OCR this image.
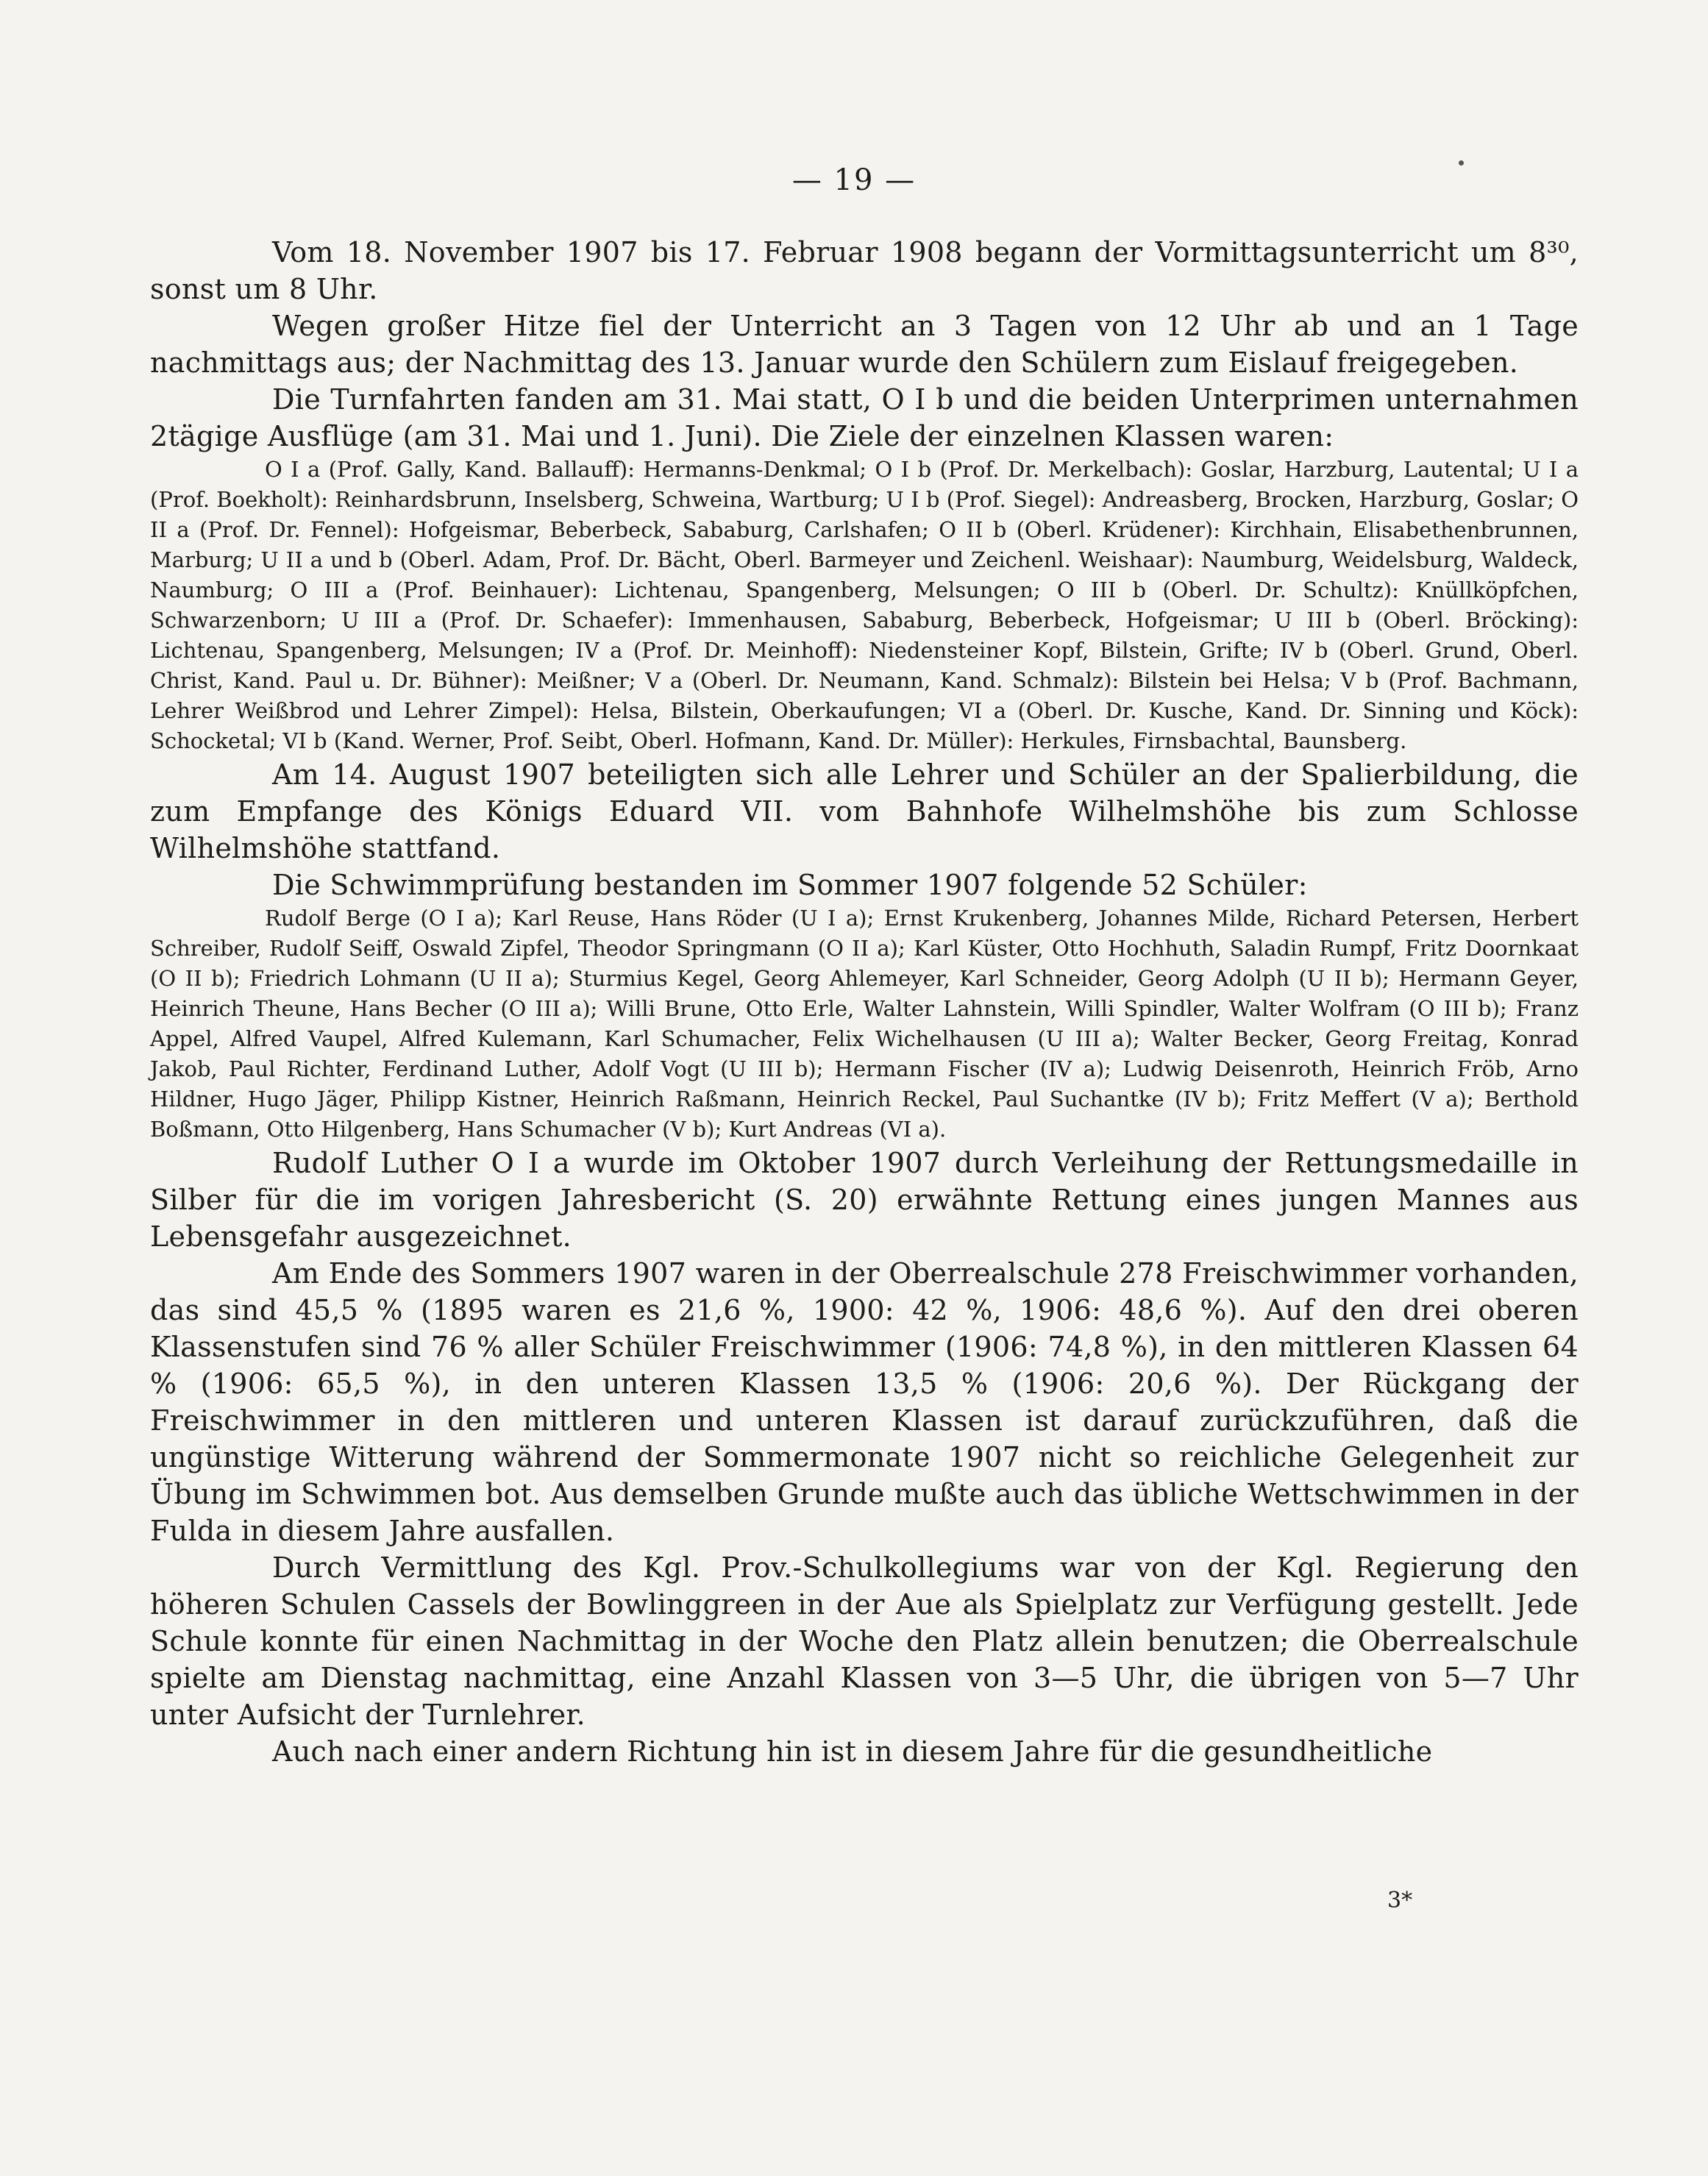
— 19 —

Vom 18. November 1907 bis 17. Februar 1908 begann der Vormittagsunterricht um 8³⁰, sonst um 8 Uhr.

Wegen großer Hitze fiel der Unterricht an 3 Tagen von 12 Uhr ab und an 1 Tage nachmittags aus; der Nachmittag des 13. Januar wurde den Schülern zum Eislauf freigegeben.

Die Turnfahrten fanden am 31. Mai statt, O I b und die beiden Unterprimen unternahmen 2tägige Ausflüge (am 31. Mai und 1. Juni). Die Ziele der einzelnen Klassen waren:

O I a (Prof. Gally, Kand. Ballauff): Hermanns-Denkmal; O I b (Prof. Dr. Merkelbach): Goslar, Harzburg, Lautental; U I a (Prof. Boekholt): Reinhardsbrunn, Inselsberg, Schweina, Wartburg; U I b (Prof. Siegel): Andreasberg, Brocken, Harzburg, Goslar; O II a (Prof. Dr. Fennel): Hofgeismar, Beberbeck, Sababurg, Carlshafen; O II b (Oberl. Krüdener): Kirchhain, Elisabethenbrunnen, Marburg; U II a und b (Oberl. Adam, Prof. Dr. Bächt, Oberl. Barmeyer und Zeichenl. Weishaar): Naumburg, Weidelsburg, Waldeck, Naumburg; O III a (Prof. Beinhauer): Lichtenau, Spangenberg, Melsungen; O III b (Oberl. Dr. Schultz): Knüllköpfchen, Schwarzenborn; U III a (Prof. Dr. Schaefer): Immenhausen, Sababurg, Beberbeck, Hofgeismar; U III b (Oberl. Bröcking): Lichtenau, Spangenberg, Melsungen; IV a (Prof. Dr. Meinhoff): Niedensteiner Kopf, Bilstein, Grifte; IV b (Oberl. Grund, Oberl. Christ, Kand. Paul u. Dr. Bühner): Meißner; V a (Oberl. Dr. Neumann, Kand. Schmalz): Bilstein bei Helsa; V b (Prof. Bachmann, Lehrer Weißbrod und Lehrer Zimpel): Helsa, Bilstein, Oberkaufungen; VI a (Oberl. Dr. Kusche, Kand. Dr. Sinning und Köck): Schocketal; VI b (Kand. Werner, Prof. Seibt, Oberl. Hofmann, Kand. Dr. Müller): Herkules, Firnsbachtal, Baunsberg.

Am 14. August 1907 beteiligten sich alle Lehrer und Schüler an der Spalierbildung, die zum Empfange des Königs Eduard VII. vom Bahnhofe Wilhelmshöhe bis zum Schlosse Wilhelmshöhe stattfand.

Die Schwimmprüfung bestanden im Sommer 1907 folgende 52 Schüler:

Rudolf Berge (O I a); Karl Reuse, Hans Röder (U I a); Ernst Krukenberg, Johannes Milde, Richard Petersen, Herbert Schreiber, Rudolf Seiff, Oswald Zipfel, Theodor Springmann (O II a); Karl Küster, Otto Hochhuth, Saladin Rumpf, Fritz Doornkaat (O II b); Friedrich Lohmann (U II a); Sturmius Kegel, Georg Ahlemeyer, Karl Schneider, Georg Adolph (U II b); Hermann Geyer, Heinrich Theune, Hans Becher (O III a); Willi Brune, Otto Erle, Walter Lahnstein, Willi Spindler, Walter Wolfram (O III b); Franz Appel, Alfred Vaupel, Alfred Kulemann, Karl Schumacher, Felix Wichelhausen (U III a); Walter Becker, Georg Freitag, Konrad Jakob, Paul Richter, Ferdinand Luther, Adolf Vogt (U III b); Hermann Fischer (IV a); Ludwig Deisenroth, Heinrich Fröb, Arno Hildner, Hugo Jäger, Philipp Kistner, Heinrich Raßmann, Heinrich Reckel, Paul Suchantke (IV b); Fritz Meffert (V a); Berthold Boßmann, Otto Hilgenberg, Hans Schumacher (V b); Kurt Andreas (VI a).

Rudolf Luther O I a wurde im Oktober 1907 durch Verleihung der Rettungsmedaille in Silber für die im vorigen Jahresbericht (S. 20) erwähnte Rettung eines jungen Mannes aus Lebensgefahr ausgezeichnet.

Am Ende des Sommers 1907 waren in der Oberrealschule 278 Freischwimmer vorhanden, das sind 45,5 % (1895 waren es 21,6 %, 1900: 42 %, 1906: 48,6 %). Auf den drei oberen Klassenstufen sind 76 % aller Schüler Freischwimmer (1906: 74,8 %), in den mittleren Klassen 64 % (1906: 65,5 %), in den unteren Klassen 13,5 % (1906: 20,6 %). Der Rückgang der Freischwimmer in den mittleren und unteren Klassen ist darauf zurückzuführen, daß die ungünstige Witterung während der Sommermonate 1907 nicht so reichliche Gelegenheit zur Übung im Schwimmen bot. Aus demselben Grunde mußte auch das übliche Wettschwimmen in der Fulda in diesem Jahre ausfallen.

Durch Vermittlung des Kgl. Prov.-Schulkollegiums war von der Kgl. Regierung den höheren Schulen Cassels der Bowlinggreen in der Aue als Spielplatz zur Verfügung gestellt. Jede Schule konnte für einen Nachmittag in der Woche den Platz allein benutzen; die Oberrealschule spielte am Dienstag nachmittag, eine Anzahl Klassen von 3—5 Uhr, die übrigen von 5—7 Uhr unter Aufsicht der Turnlehrer.

Auch nach einer andern Richtung hin ist in diesem Jahre für die gesundheitliche

3*
